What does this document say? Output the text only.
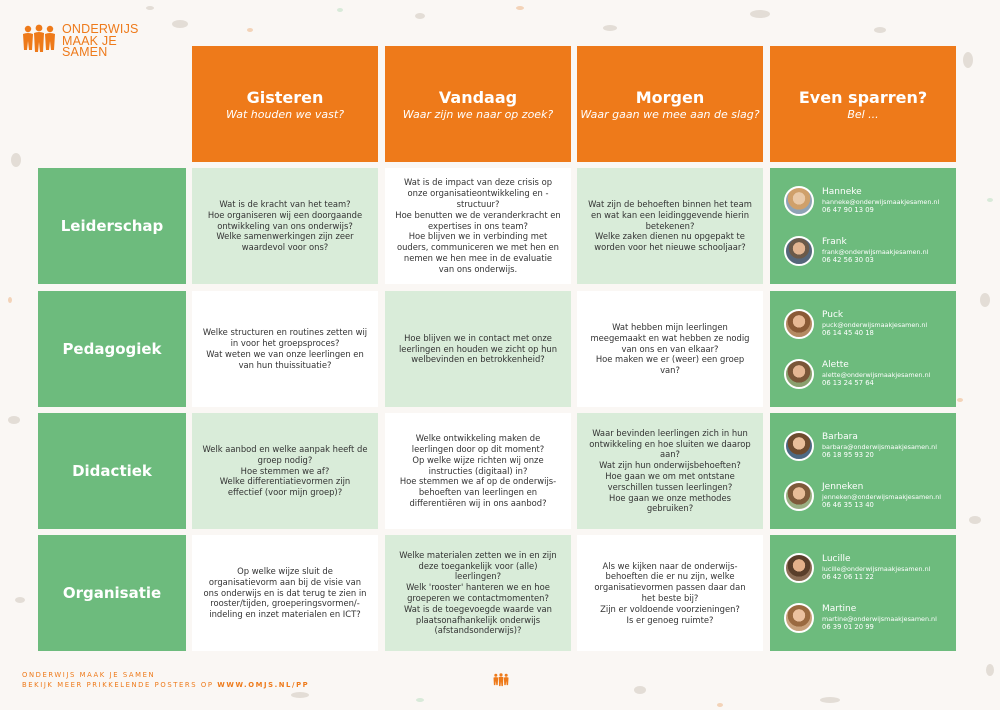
ONDERWIJS
MAAK JE
SAMEN
Gisteren
Wat houden we vast?
Vandaag
Waar zijn we naar op zoek?
Morgen
Waar gaan we mee aan de slag?
Even sparren?
Bel ...
Leiderschap
Wat is de kracht van het team?
Hoe organiseren wij een doorgaande ontwikkeling van ons onderwijs?
Welke samenwerkingen zijn zeer waardevol voor ons?
Wat is de impact van deze crisis op onze organisatieontwikkeling en -structuur?
Hoe benutten we de veranderkracht en expertises in ons team?
Hoe blijven we in verbinding met ouders, communiceren we met hen en nemen we hen mee in de evaluatie van ons onderwijs.
Wat zijn de behoeften binnen het team en wat kan een leidinggevende hierin betekenen?
Welke zaken dienen nu opgepakt te worden voor het nieuwe schooljaar?
Hanneke
hanneke@onderwijsmaakjesamen.nl
06 47 90 13 09
Frank
frank@onderwijsmaakjesamen.nl
06 42 56 30 03
Pedagogiek
Welke structuren en routines zetten wij in voor het groepsproces?
Wat weten we van onze leerlingen en van hun thuissituatie?
Hoe blijven we in contact met onze leerlingen en houden we zicht op hun welbevinden en betrokkenheid?
Wat hebben mijn leerlingen meegemaakt en wat hebben ze nodig van ons en van elkaar?
Hoe maken we er (weer) een groep van?
Puck
puck@onderwijsmaakjesamen.nl
06 14 45 40 18
Alette
alette@onderwijsmaakjesamen.nl
06 13 24 57 64
Didactiek
Welk aanbod en welke aanpak heeft de groep nodig?
Hoe stemmen we af?
Welke differentiatievormen zijn effectief (voor mijn groep)?
Welke ontwikkeling maken de leerlingen door op dit moment?
Op welke wijze richten wij onze instructies (digitaal) in?
Hoe stemmen we af op de onderwijs-behoeften van leerlingen en differentiëren wij in ons aanbod?
Waar bevinden leerlingen zich in hun ontwikkeling en hoe sluiten we daarop aan?
Wat zijn hun onderwijsbehoeften?
Hoe gaan we om met ontstane verschillen tussen leerlingen?
Hoe gaan we onze methodes gebruiken?
Barbara
barbara@onderwijsmaakjesamen.nl
06 18 95 93 20
Jenneken
jenneken@onderwijsmaakjesamen.nl
06 46 35 13 40
Organisatie
Op welke wijze sluit de organisatievorm aan bij de visie van ons onderwijs en is dat terug te zien in rooster/tijden, groeperingsvormen/-indeling en inzet materialen en ICT?
Welke materialen zetten we in en zijn deze toegankelijk voor (alle) leerlingen?
Welk 'rooster' hanteren we en hoe groeperen we contactmomenten?
Wat is de toegevoegde waarde van plaatsonafhankelijk onderwijs (afstandsonderwijs)?
Als we kijken naar de onderwijs-behoeften die er nu zijn, welke organisatievormen passen daar dan het beste bij?
Zijn er voldoende voorzieningen?
Is er genoeg ruimte?
Lucille
lucille@onderwijsmaakjesamen.nl
06 42 06 11 22
Martine
martine@onderwijsmaakjesamen.nl
06 39 01 20 99
ONDERWIJS MAAK JE SAMEN
BEKIJK MEER PRIKKELENDE POSTERS OP WWW.OMJS.NL/PP
